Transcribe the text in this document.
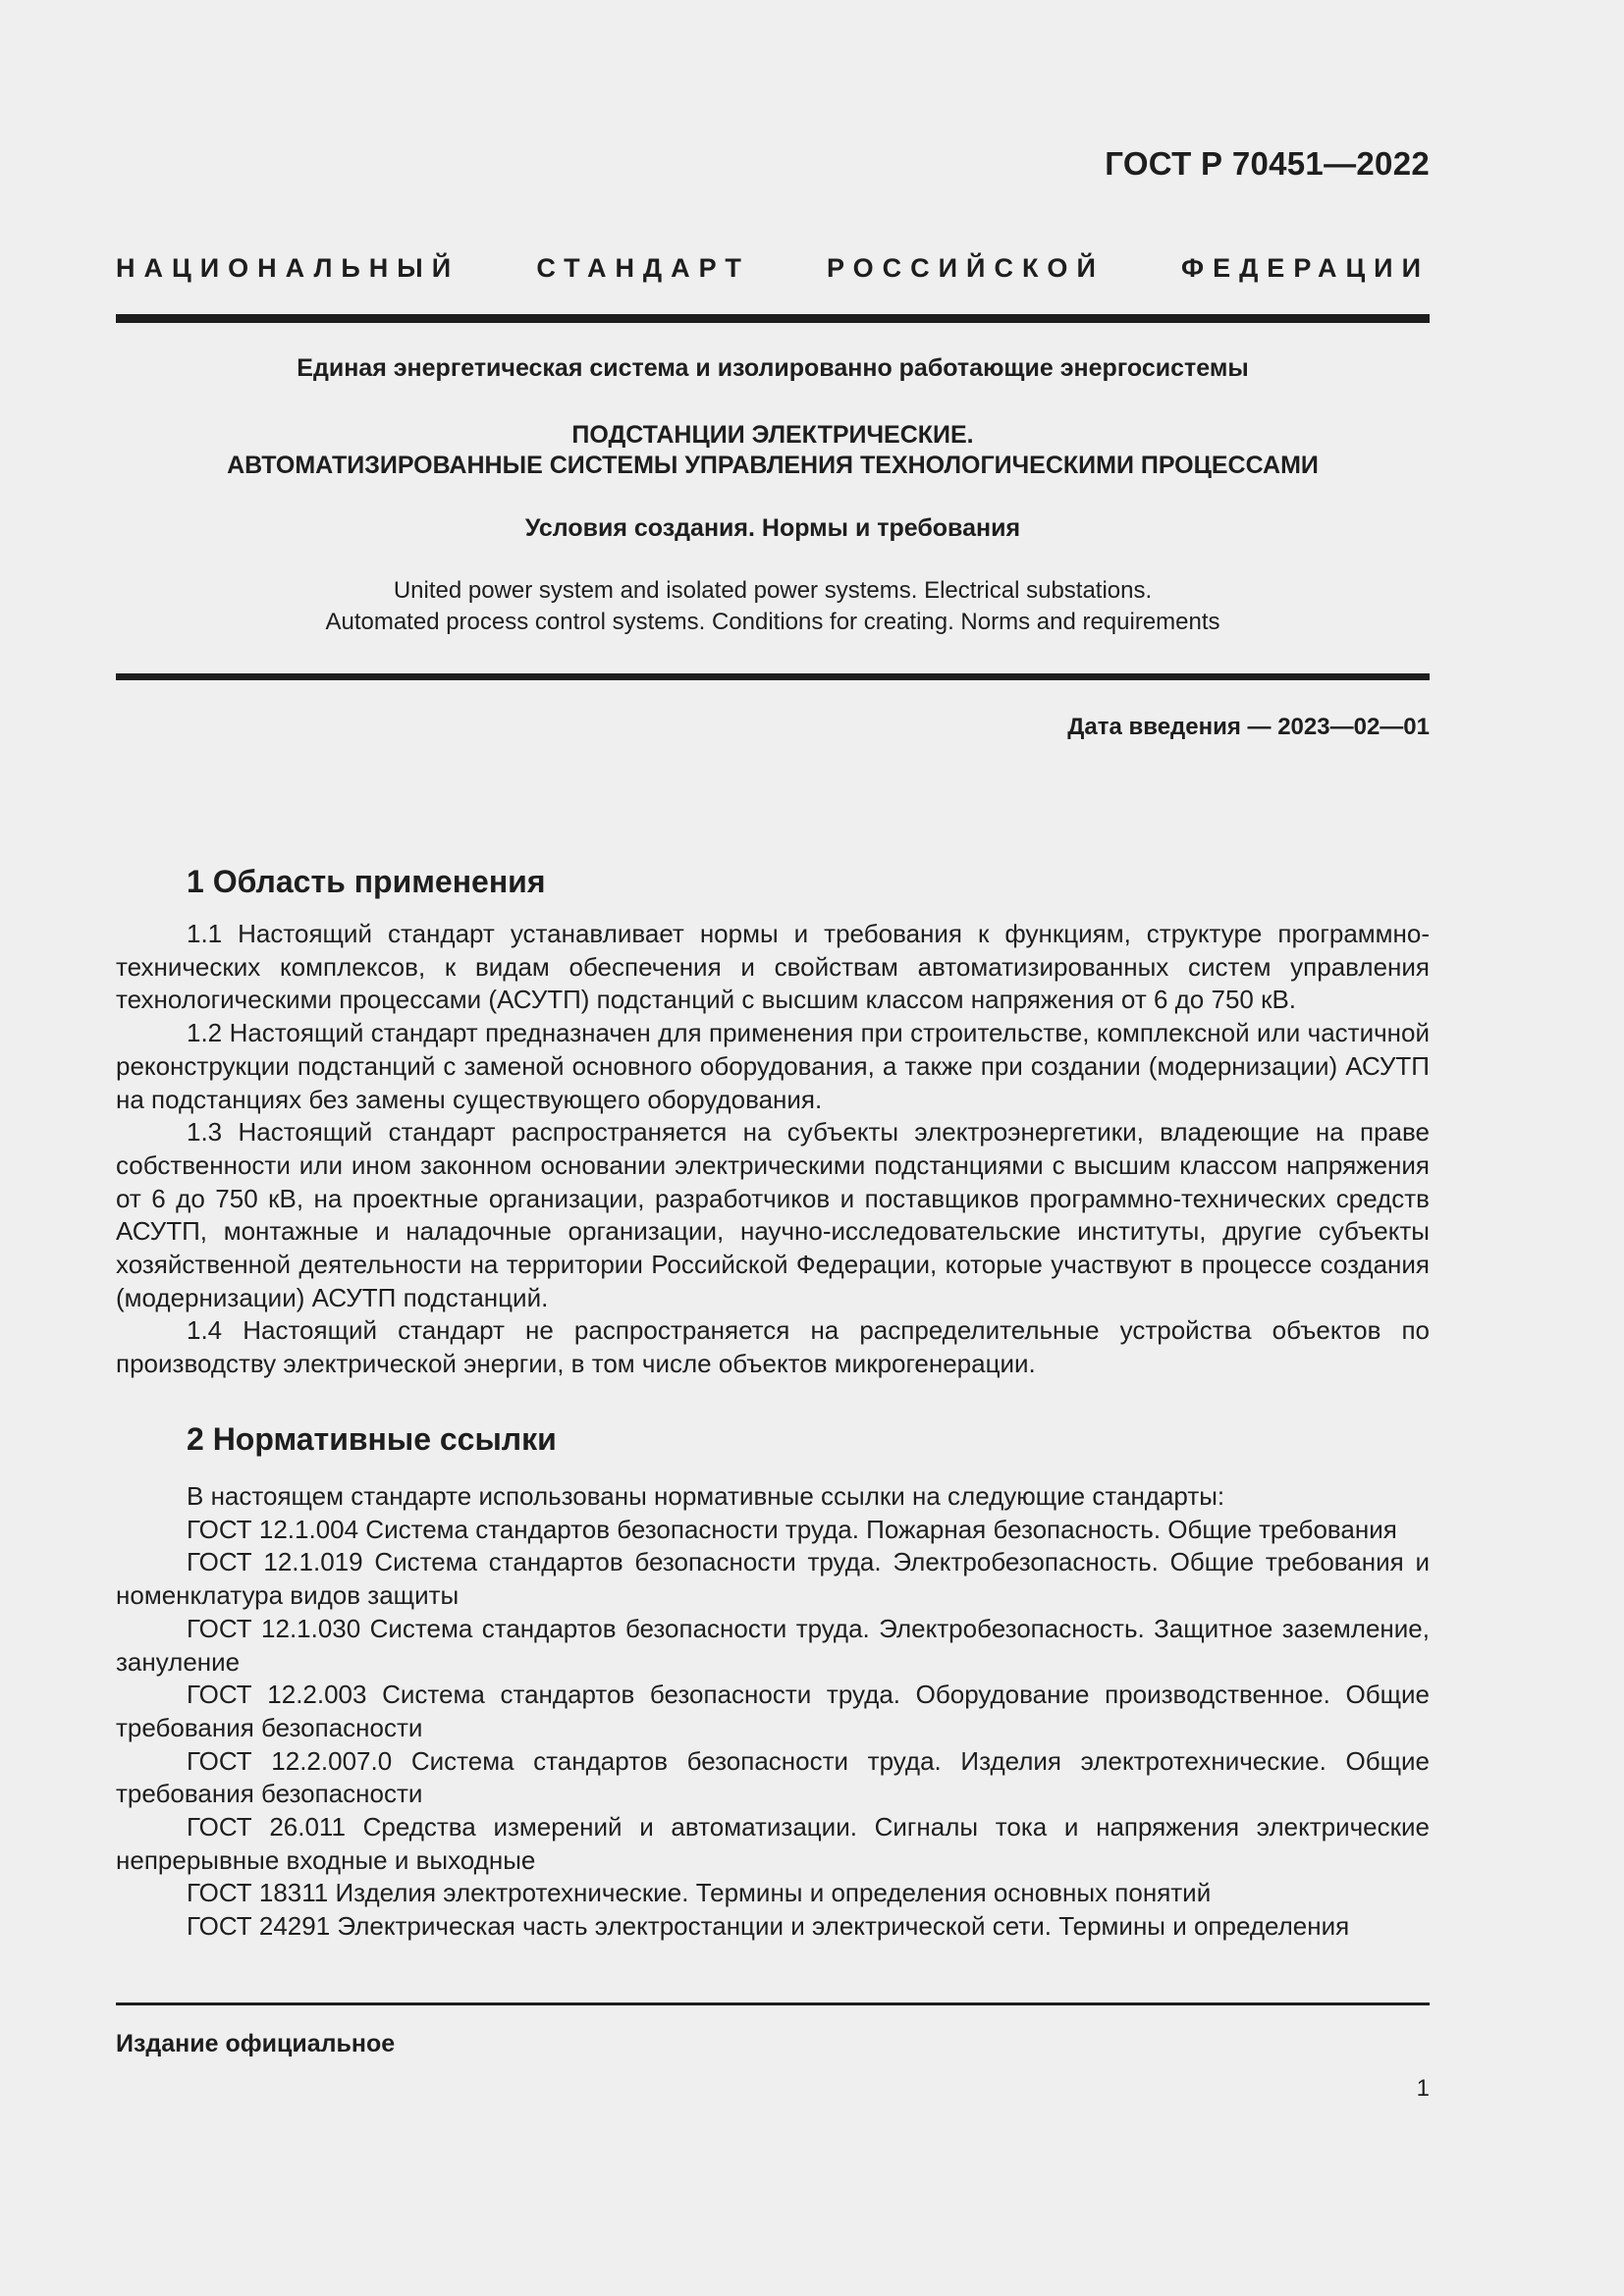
ГОСТ Р 70451—2022
НАЦИОНАЛЬНЫЙ СТАНДАРТ РОССИЙСКОЙ ФЕДЕРАЦИИ
Единая энергетическая система и изолированно работающие энергосистемы
ПОДСТАНЦИИ ЭЛЕКТРИЧЕСКИЕ.
АВТОМАТИЗИРОВАННЫЕ СИСТЕМЫ УПРАВЛЕНИЯ ТЕХНОЛОГИЧЕСКИМИ ПРОЦЕССАМИ
Условия создания. Нормы и требования
United power system and isolated power systems. Electrical substations.
Automated process control systems. Conditions for creating. Norms and requirements
Дата введения — 2023—02—01
1 Область применения

1.1 Настоящий стандарт устанавливает нормы и требования к функциям, структуре программно-технических комплексов, к видам обеспечения и свойствам автоматизированных систем управления технологическими процессами (АСУТП) подстанций с высшим классом напряжения от 6 до 750 кВ.

1.2 Настоящий стандарт предназначен для применения при строительстве, комплексной или частичной реконструкции подстанций с заменой основного оборудования, а также при создании (модернизации) АСУТП на подстанциях без замены существующего оборудования.

1.3 Настоящий стандарт распространяется на субъекты электроэнергетики, владеющие на праве собственности или ином законном основании электрическими подстанциями с высшим классом напряжения от 6 до 750 кВ, на проектные организации, разработчиков и поставщиков программно-технических средств АСУТП, монтажные и наладочные организации, научно-исследовательские институты, другие субъекты хозяйственной деятельности на территории Российской Федерации, которые участвуют в процессе создания (модернизации) АСУТП подстанций.

1.4 Настоящий стандарт не распространяется на распределительные устройства объектов по производству электрической энергии, в том числе объектов микрогенерации.

2 Нормативные ссылки

В настоящем стандарте использованы нормативные ссылки на следующие стандарты:

ГОСТ 12.1.004 Система стандартов безопасности труда. Пожарная безопасность. Общие требования

ГОСТ 12.1.019 Система стандартов безопасности труда. Электробезопасность. Общие требования и номенклатура видов защиты

ГОСТ 12.1.030 Система стандартов безопасности труда. Электробезопасность. Защитное заземление, зануление

ГОСТ 12.2.003 Система стандартов безопасности труда. Оборудование производственное. Общие требования безопасности

ГОСТ 12.2.007.0 Система стандартов безопасности труда. Изделия электротехнические. Общие требования безопасности

ГОСТ 26.011 Средства измерений и автоматизации. Сигналы тока и напряжения электрические непрерывные входные и выходные

ГОСТ 18311 Изделия электротехнические. Термины и определения основных понятий

ГОСТ 24291 Электрическая часть электростанции и электрической сети. Термины и определения

Издание официальное
1
